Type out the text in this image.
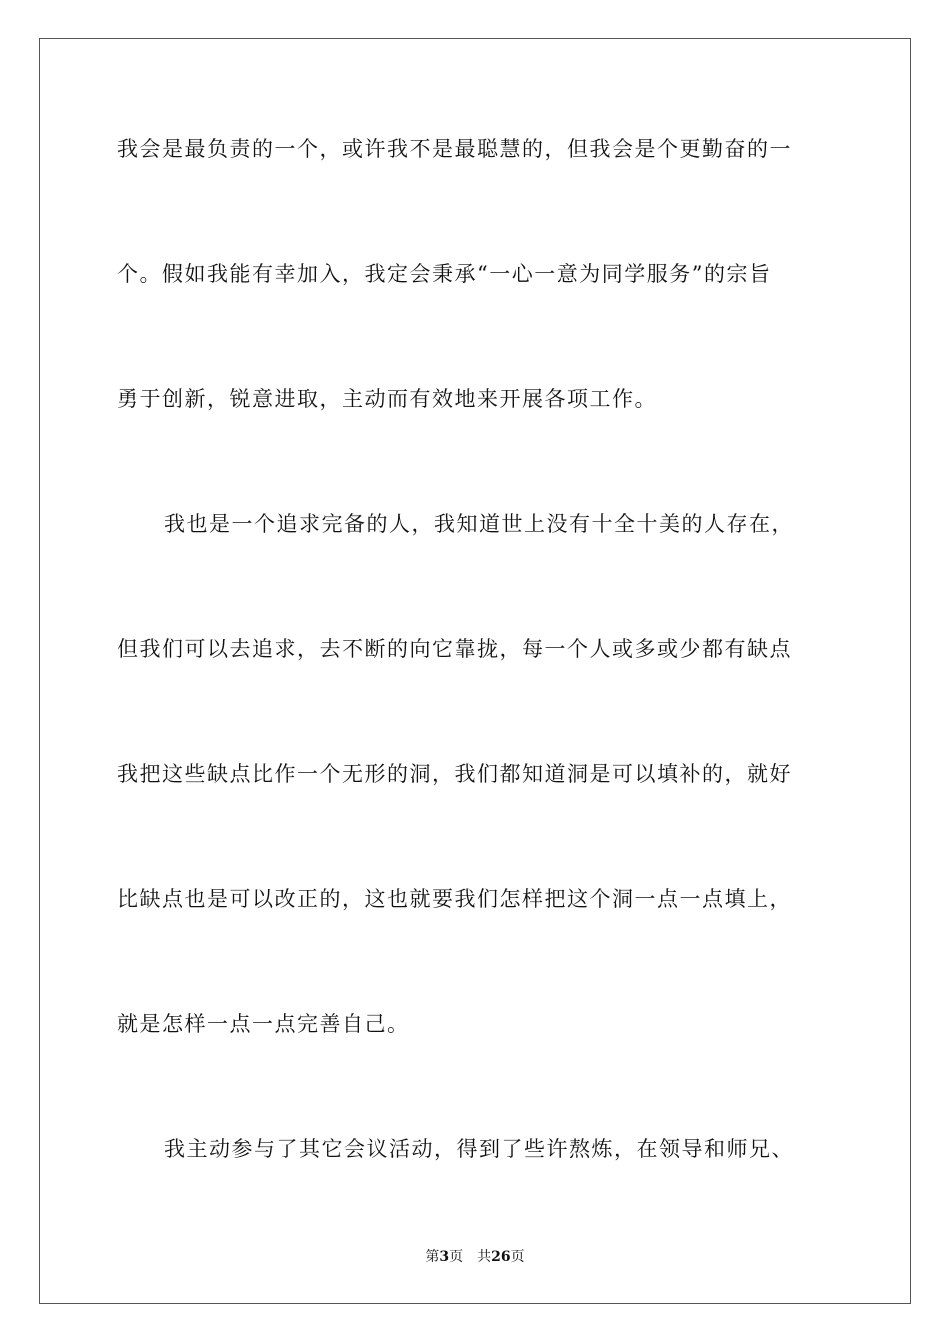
我会是最负责的一个，或许我不是最聪慧的，但我会是个更勤奋的一
个。假如我能有幸加入，我定会秉承“一心一意为同学服务”的宗旨
勇于创新，锐意进取，主动而有效地来开展各项工作。
我也是一个追求完备的人，我知道世上没有十全十美的人存在，
但我们可以去追求，去不断的向它靠拢，每一个人或多或少都有缺点
我把这些缺点比作一个无形的洞，我们都知道洞是可以填补的，就好
比缺点也是可以改正的，这也就要我们怎样把这个洞一点一点填上，
就是怎样一点一点完善自己。
我主动参与了其它会议活动，得到了些许熬炼，在领导和师兄、
第3页 共26页
